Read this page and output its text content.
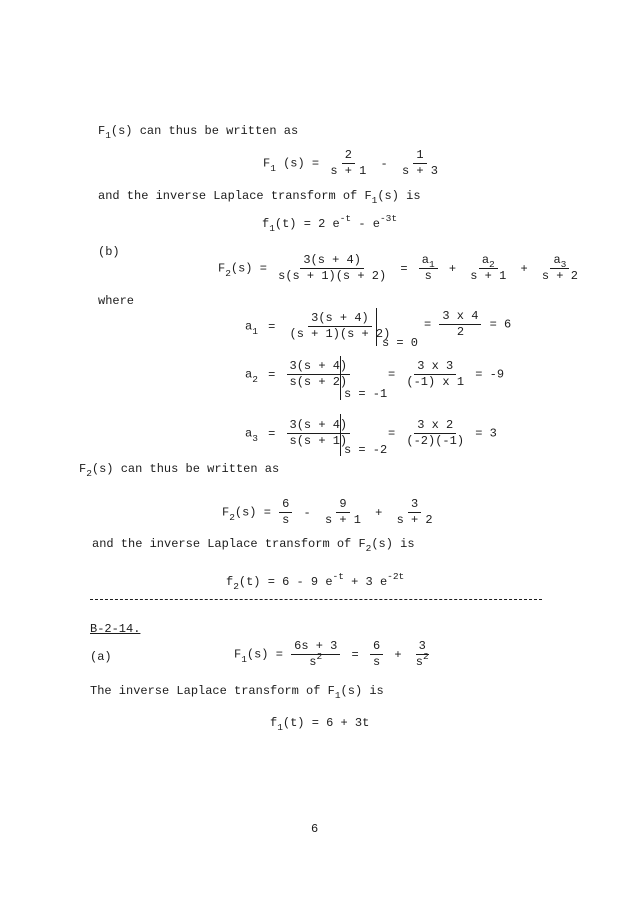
$F_1(s)$ can thus be written as
$F_1$ $(s) = \frac{2}{s + 1} - \frac{1}{s + 3}$
and the inverse Laplace transform of $F_1(s)$ is
$f_1(t) = 2$ $e^{-t} - e^{-3t}$
(b)
$F_2(s) = \frac{3(s + 4)}{s(s + 1)(s + 2)} = \frac{a_1}{s} + \frac{a_2}{s + 1} + \frac{a_3}{s + 2}$
where
$a_1 = \frac{3(s + 4)}{(s + 1)(s + 2)}$
s = 0
= $\frac{3 x 4}{2} = 6$
$a_2 = \frac{3(s + 4)}{s(s + 2)}$
s = -1
= $\frac{3 x 3}{(-1) x 1} = -9$
$a_3 = \frac{3(s + 4)}{s(s + 1)}$
s = -2
= $\frac{3 x 2}{(-2)(-1)} = 3$
$F_2(s)$ can thus be written as
$F_2(s) = \frac{6}{s} - \frac{9}{s + 1} + \frac{3}{s + 2}$
and the inverse Laplace transform of $F_2(s)$ is
$f_2(t) = 6 - 9$ $e^{-t} + 3$ $e^{-2t}$
B-2-14.
(a)	$F_1(s) = \frac{6s + 3}{s^2} = \frac{6}{s} + \frac{3}{s^2}$
The inverse Laplace transform of $F_1(s)$ is
$f_1(t) = 6 + 3t$
6
